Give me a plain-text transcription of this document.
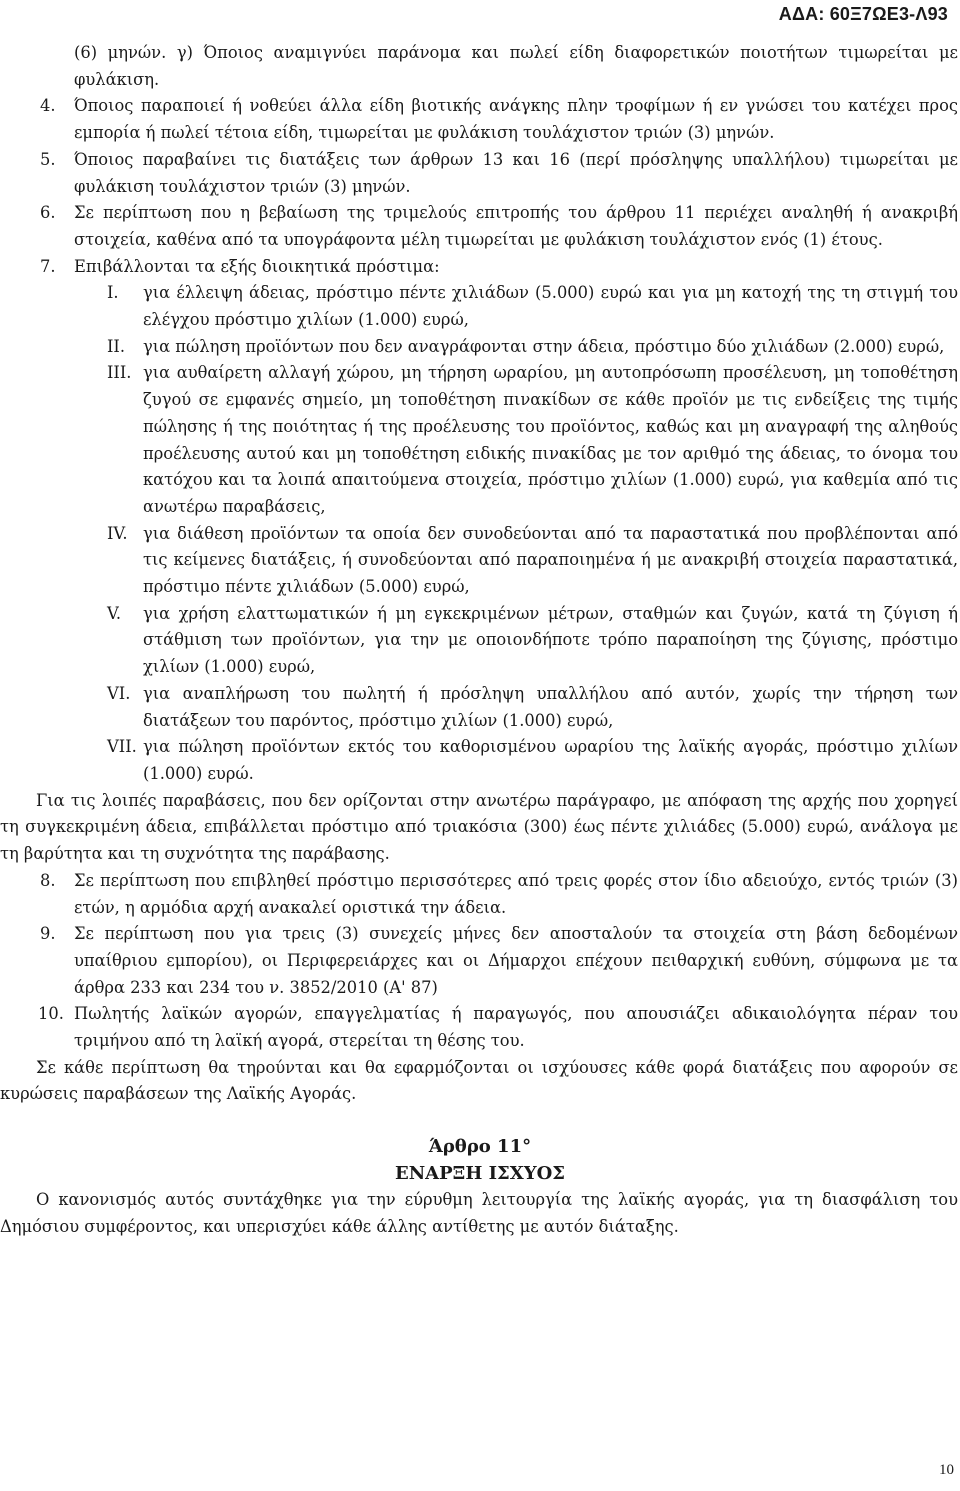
ΑΔΑ: 60Ξ7ΩΕ3-Λ93
(6) μηνών. γ) Όποιος αναμιγνύει παράνομα και πωλεί είδη διαφορετικών ποιοτήτων τιμωρείται με φυλάκιση.
4. Όποιος παραποιεί ή νοθεύει άλλα είδη βιοτικής ανάγκης πλην τροφίμων ή εν γνώσει του κατέχει προς εμπορία ή πωλεί τέτοια είδη, τιμωρείται με φυλάκιση τουλάχιστον τριών (3) μηνών.
5. Όποιος παραβαίνει τις διατάξεις των άρθρων 13 και 16 (περί πρόσληψης υπαλλήλου) τιμωρείται με φυλάκιση τουλάχιστον τριών (3) μηνών.
6. Σε περίπτωση που η βεβαίωση της τριμελούς επιτροπής του άρθρου 11 περιέχει αναληθή ή ανακριβή στοιχεία, καθένα από τα υπογράφοντα μέλη τιμωρείται με φυλάκιση τουλάχιστον ενός (1) έτους.
7. Επιβάλλονται τα εξής διοικητικά πρόστιμα:
I. για έλλειψη άδειας, πρόστιμο πέντε χιλιάδων (5.000) ευρώ και για μη κατοχή της τη στιγμή του ελέγχου πρόστιμο χιλίων (1.000) ευρώ,
II. για πώληση προϊόντων που δεν αναγράφονται στην άδεια, πρόστιμο δύο χιλιάδων (2.000) ευρώ,
III. για αυθαίρετη αλλαγή χώρου, μη τήρηση ωραρίου, μη αυτοπρόσωπη προσέλευση, μη τοποθέτηση ζυγού σε εμφανές σημείο, μη τοποθέτηση πινακίδων σε κάθε προϊόν με τις ενδείξεις της τιμής πώλησης ή της ποιότητας ή της προέλευσης του προϊόντος, καθώς και μη αναγραφή της αληθούς προέλευσης αυτού και μη τοποθέτηση ειδικής πινακίδας με τον αριθμό της άδειας, το όνομα του κατόχου και τα λοιπά απαιτούμενα στοιχεία, πρόστιμο χιλίων (1.000) ευρώ, για καθεμία από τις ανωτέρω παραβάσεις,
IV. για διάθεση προϊόντων τα οποία δεν συνοδεύονται από τα παραστατικά που προβλέπονται από τις κείμενες διατάξεις, ή συνοδεύονται από παραποιημένα ή με ανακριβή στοιχεία παραστατικά, πρόστιμο πέντε χιλιάδων (5.000) ευρώ,
V. για χρήση ελαττωματικών ή μη εγκεκριμένων μέτρων, σταθμών και ζυγών, κατά τη ζύγιση ή στάθμιση των προϊόντων, για την με οποιονδήποτε τρόπο παραποίηση της ζύγισης, πρόστιμο χιλίων (1.000) ευρώ,
VI. για αναπλήρωση του πωλητή ή πρόσληψη υπαλλήλου από αυτόν, χωρίς την τήρηση των διατάξεων του παρόντος, πρόστιμο χιλίων (1.000) ευρώ,
VII. για πώληση προϊόντων εκτός του καθορισμένου ωραρίου της λαϊκής αγοράς, πρόστιμο χιλίων (1.000) ευρώ.
Για τις λοιπές παραβάσεις, που δεν ορίζονται στην ανωτέρω παράγραφο, με απόφαση της αρχής που χορηγεί τη συγκεκριμένη άδεια, επιβάλλεται πρόστιμο από τριακόσια (300) έως πέντε χιλιάδες (5.000) ευρώ, ανάλογα με τη βαρύτητα και τη συχνότητα της παράβασης.
8. Σε περίπτωση που επιβληθεί πρόστιμο περισσότερες από τρεις φορές στον ίδιο αδειούχο, εντός τριών (3) ετών, η αρμόδια αρχή ανακαλεί οριστικά την άδεια.
9. Σε περίπτωση που για τρεις (3) συνεχείς μήνες δεν αποσταλούν τα στοιχεία στη βάση δεδομένων υπαίθριου εμπορίου), οι Περιφερειάρχες και οι Δήμαρχοι επέχουν πειθαρχική ευθύνη, σύμφωνα με τα άρθρα 233 και 234 του ν. 3852/2010 (Α' 87)
10. Πωλητής λαϊκών αγορών, επαγγελματίας ή παραγωγός, που απουσιάζει αδικαιολόγητα πέραν του τριμήνου από τη λαϊκή αγορά, στερείται τη θέσης του.
Σε κάθε περίπτωση θα τηρούνται και θα εφαρμόζονται οι ισχύουσες κάθε φορά διατάξεις που αφορούν σε κυρώσεις παραβάσεων της Λαϊκής Αγοράς.
Άρθρο 11°
ΕΝΑΡΞΗ ΙΣΧΥΟΣ
Ο κανονισμός αυτός συντάχθηκε για την εύρυθμη λειτουργία της λαϊκής αγοράς, για τη διασφάλιση του Δημόσιου συμφέροντος, και υπερισχύει κάθε άλλης αντίθετης με αυτόν διάταξης.
10
